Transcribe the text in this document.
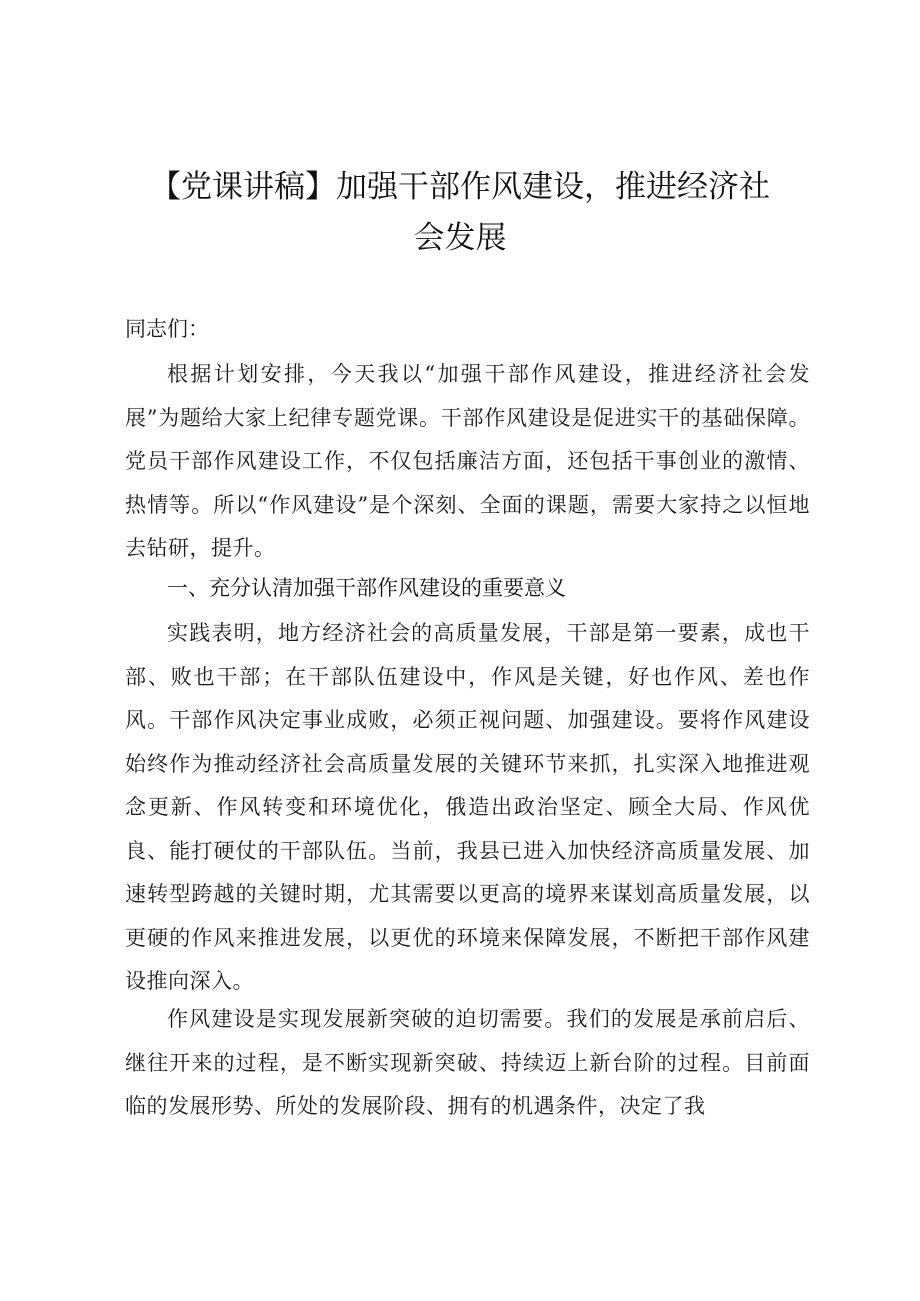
【党课讲稿】加强干部作风建设，推进经济社
会发展

同志们：

根据计划安排，今天我以“加强干部作风建设，推进经济社会发展”为题给大家上纪律专题党课。干部作风建设是促进实干的基础保障。党员干部作风建设工作，不仅包括廉洁方面，还包括干事创业的激情、热情等。所以“作风建设”是个深刻、全面的课题，需要大家持之以恒地去钻研，提升。

一、充分认清加强干部作风建设的重要意义

实践表明，地方经济社会的高质量发展，干部是第一要素，成也干部、败也干部；在干部队伍建设中，作风是关键，好也作风、差也作风。干部作风决定事业成败，必须正视问题、加强建设。要将作风建设始终作为推动经济社会高质量发展的关键环节来抓，扎实深入地推进观念更新、作风转变和环境优化，俄造出政治坚定、顾全大局、作风优良、能打硬仗的干部队伍。当前，我县已进入加快经济高质量发展、加速转型跨越的关键时期，尤其需要以更高的境界来谋划高质量发展，以更硬的作风来推进发展，以更优的环境来保障发展，不断把干部作风建设推向深入。

作风建设是实现发展新突破的迫切需要。我们的发展是承前启后、继往开来的过程，是不断实现新突破、持续迈上新台阶的过程。目前面临的发展形势、所处的发展阶段、拥有的机遇条件，决定了我
